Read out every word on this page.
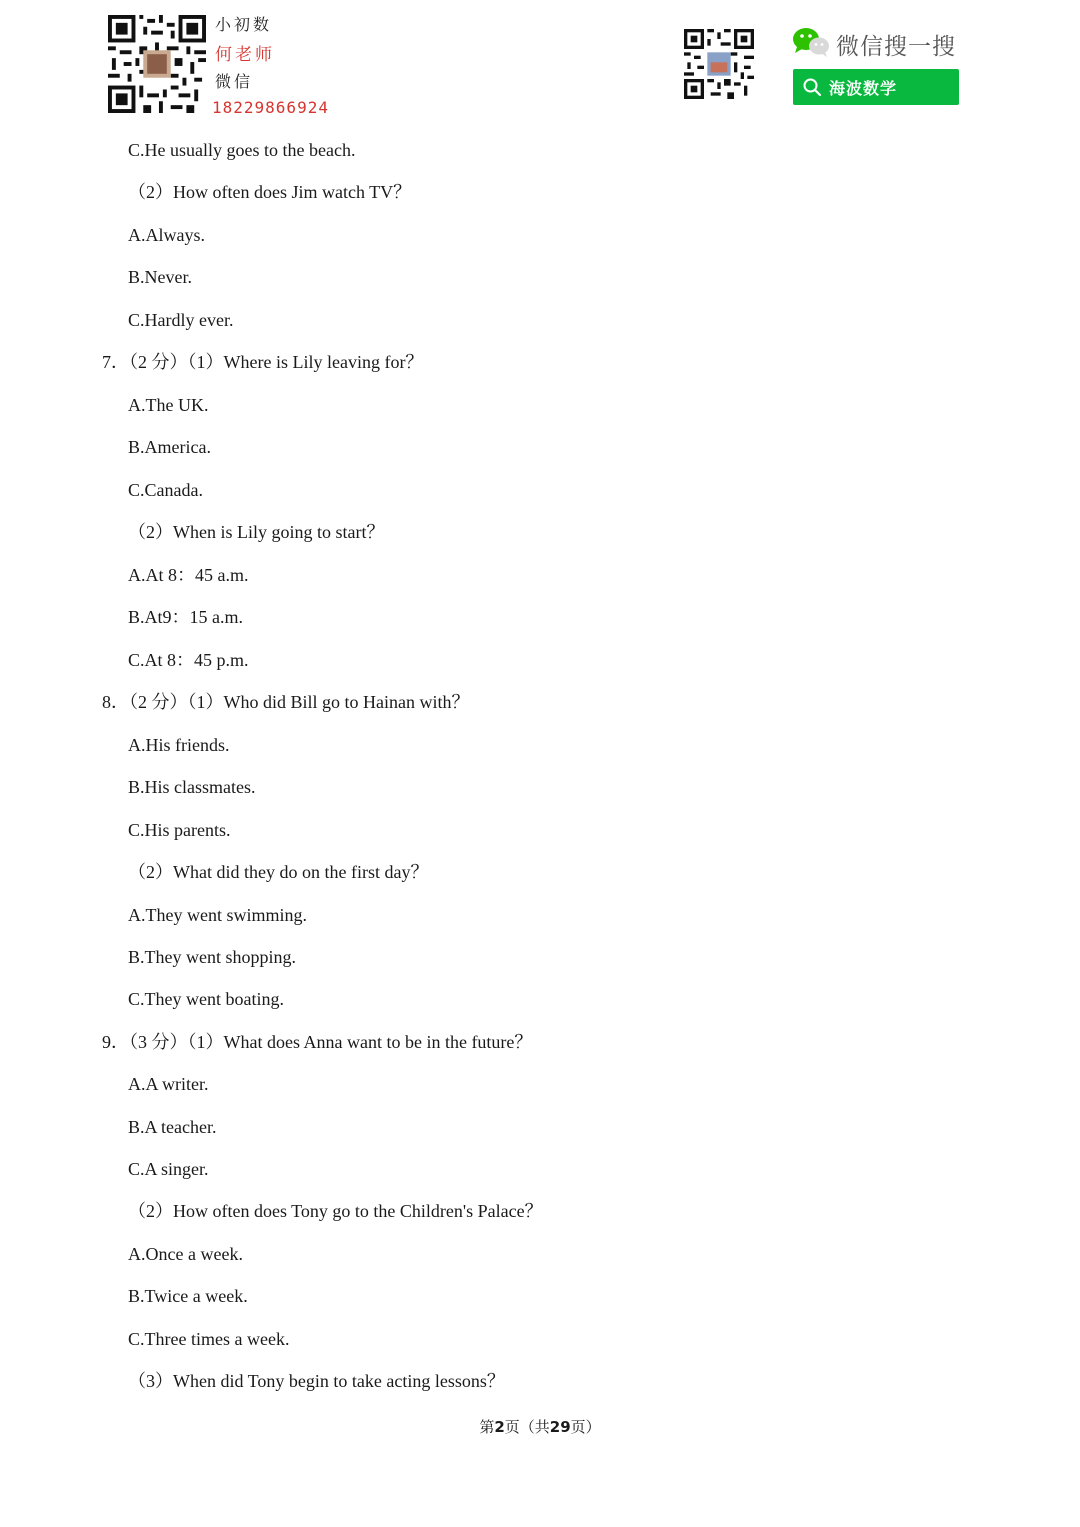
小初数
何老师
微信
18229866924
微信搜一搜
海波数学
C.He usually goes to the beach.
（2）How often does Jim watch TV？
A.Always.
B.Never.
C.Hardly ever.
7．（2 分）（1）Where is Lily leaving for？
A.The UK.
B.America.
C.Canada.
（2）When is Lily going to start？
A.At 8：45 a.m.
B.At9：15 a.m.
C.At 8：45 p.m.
8．（2 分）（1）Who did Bill go to Hainan with？
A.His friends.
B.His classmates.
C.His parents.
（2）What did they do on the first day？
A.They went swimming.
B.They went shopping.
C.They went boating.
9．（3 分）（1）What does Anna want to be in the future？
A.A writer.
B.A teacher.
C.A singer.
（2）How often does Tony go to the Children's Palace？
A.Once a week.
B.Twice a week.
C.Three times a week.
（3）When did Tony begin to take acting lessons？
第2页（共29页）
